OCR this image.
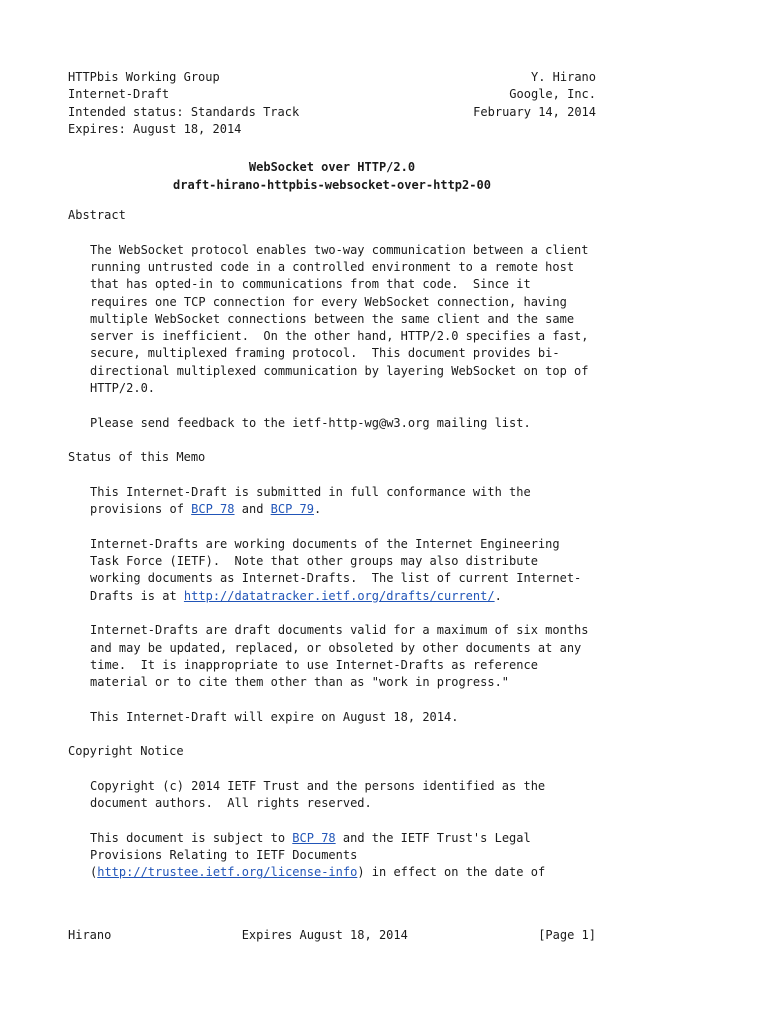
HTTPbis Working Group	Y. Hirano
Internet-Draft	Google, Inc.
Intended status: Standards Track	February 14, 2014
Expires: August 18, 2014
WebSocket over HTTP/2.0
draft-hirano-httpbis-websocket-over-http2-00
Abstract
The WebSocket protocol enables two-way communication between a client
running untrusted code in a controlled environment to a remote host
that has opted-in to communications from that code.  Since it
requires one TCP connection for every WebSocket connection, having
multiple WebSocket connections between the same client and the same
server is inefficient.  On the other hand, HTTP/2.0 specifies a fast,
secure, multiplexed framing protocol.  This document provides bi-
directional multiplexed communication by layering WebSocket on top of
HTTP/2.0.
Please send feedback to the ietf-http-wg@w3.org mailing list.
Status of this Memo
This Internet-Draft is submitted in full conformance with the
provisions of BCP 78 and BCP 79.
Internet-Drafts are working documents of the Internet Engineering
Task Force (IETF).  Note that other groups may also distribute
working documents as Internet-Drafts.  The list of current Internet-
Drafts is at http://datatracker.ietf.org/drafts/current/.
Internet-Drafts are draft documents valid for a maximum of six months
and may be updated, replaced, or obsoleted by other documents at any
time.  It is inappropriate to use Internet-Drafts as reference
material or to cite them other than as "work in progress."
This Internet-Draft will expire on August 18, 2014.
Copyright Notice
Copyright (c) 2014 IETF Trust and the persons identified as the
document authors.  All rights reserved.
This document is subject to BCP 78 and the IETF Trust's Legal
Provisions Relating to IETF Documents
(http://trustee.ietf.org/license-info) in effect on the date of
Hirano	Expires August 18, 2014	[Page 1]
